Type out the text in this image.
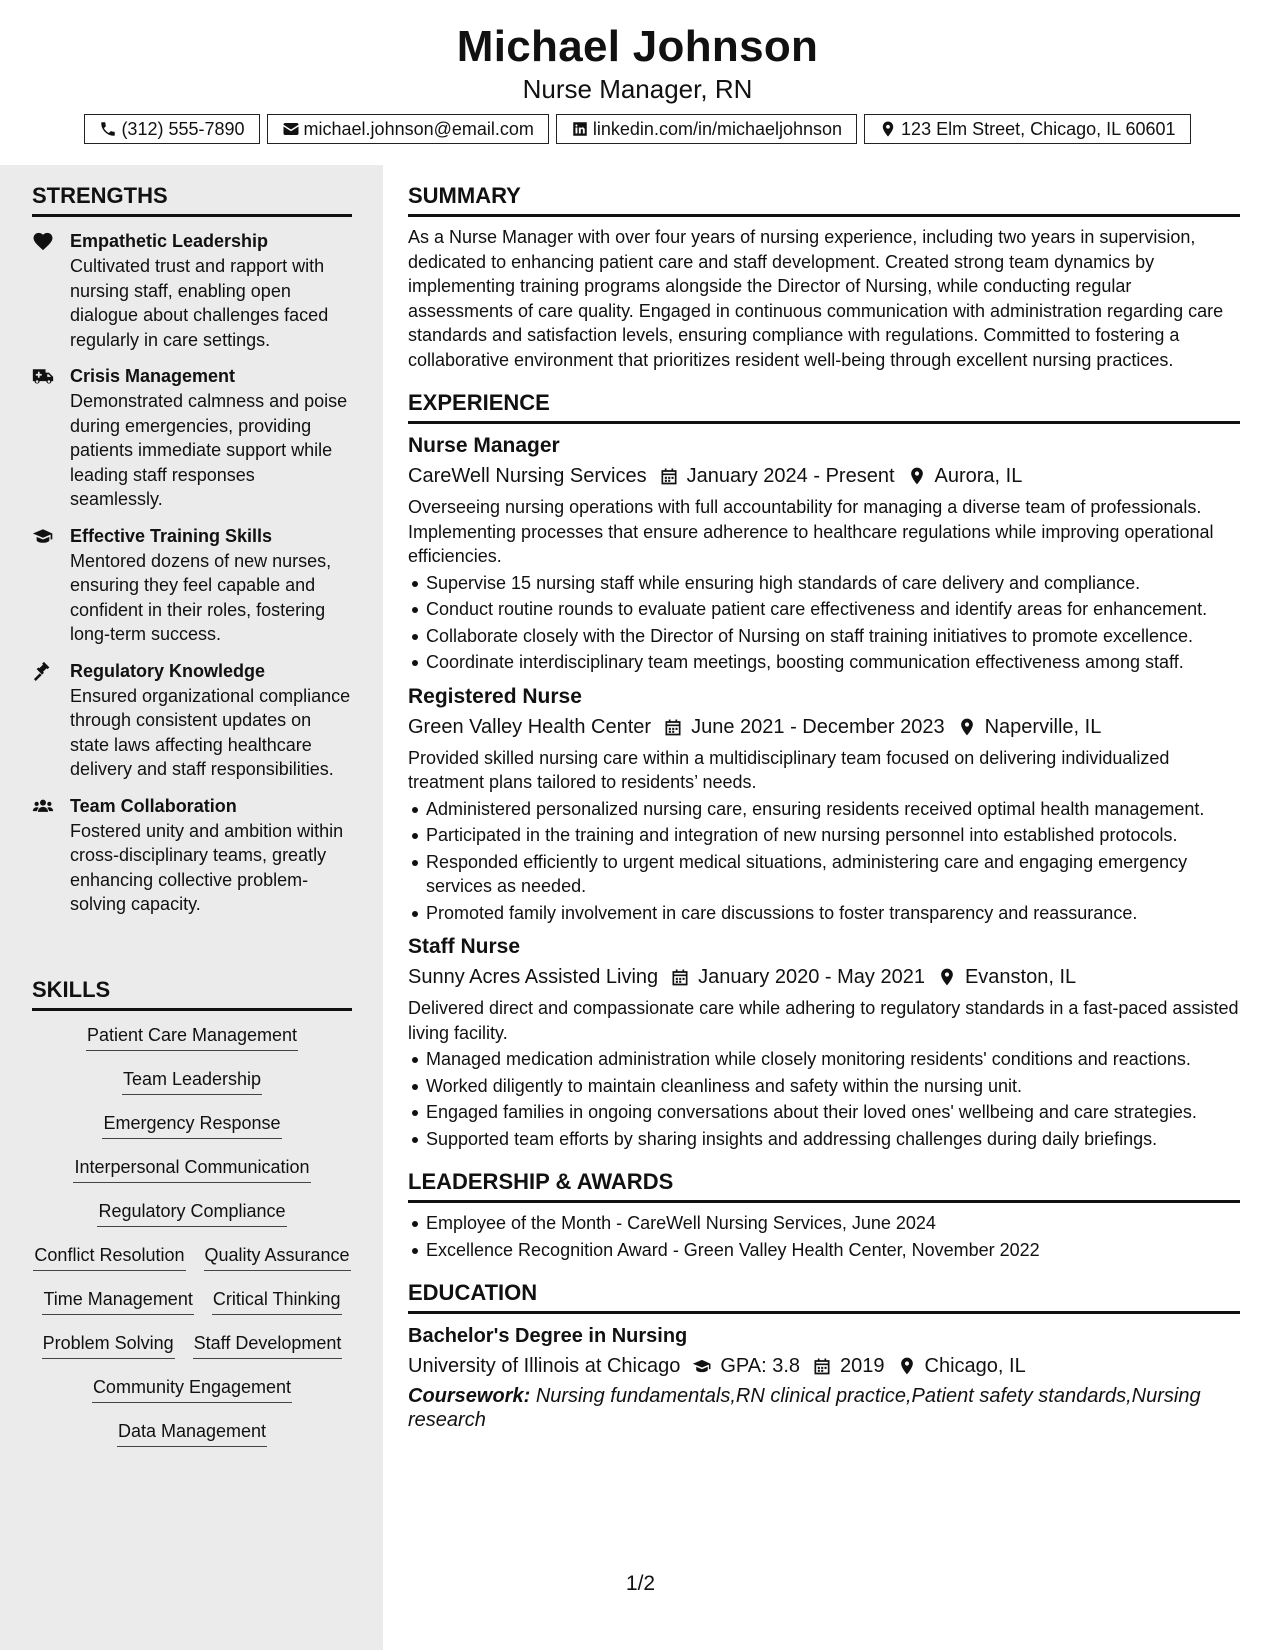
Michael Johnson
Nurse Manager, RN
(312) 555-7890	michael.johnson@email.com	linkedin.com/in/michaeljohnson	123 Elm Street, Chicago, IL 60601
STRENGTHS
Empathetic Leadership
Cultivated trust and rapport with nursing staff, enabling open dialogue about challenges faced regularly in care settings.
Crisis Management
Demonstrated calmness and poise during emergencies, providing patients immediate support while leading staff responses seamlessly.
Effective Training Skills
Mentored dozens of new nurses, ensuring they feel capable and confident in their roles, fostering long-term success.
Regulatory Knowledge
Ensured organizational compliance through consistent updates on state laws affecting healthcare delivery and staff responsibilities.
Team Collaboration
Fostered unity and ambition within cross-disciplinary teams, greatly enhancing collective problem-solving capacity.
SKILLS
Patient Care Management
Team Leadership
Emergency Response
Interpersonal Communication
Regulatory Compliance
Conflict Resolution Quality Assurance
Time Management Critical Thinking
Problem Solving Staff Development
Community Engagement
Data Management
SUMMARY
As a Nurse Manager with over four years of nursing experience, including two years in supervision, dedicated to enhancing patient care and staff development. Created strong team dynamics by implementing training programs alongside the Director of Nursing, while conducting regular assessments of care quality. Engaged in continuous communication with administration regarding care standards and satisfaction levels, ensuring compliance with regulations. Committed to fostering a collaborative environment that prioritizes resident well-being through excellent nursing practices.
EXPERIENCE
Nurse Manager
CareWell Nursing Services January 2024 - Present Aurora, IL
Overseeing nursing operations with full accountability for managing a diverse team of professionals. Implementing processes that ensure adherence to healthcare regulations while improving operational efficiencies.
Supervise 15 nursing staff while ensuring high standards of care delivery and compliance.
Conduct routine rounds to evaluate patient care effectiveness and identify areas for enhancement.
Collaborate closely with the Director of Nursing on staff training initiatives to promote excellence.
Coordinate interdisciplinary team meetings, boosting communication effectiveness among staff.
Registered Nurse
Green Valley Health Center June 2021 - December 2023 Naperville, IL
Provided skilled nursing care within a multidisciplinary team focused on delivering individualized treatment plans tailored to residents’ needs.
Administered personalized nursing care, ensuring residents received optimal health management.
Participated in the training and integration of new nursing personnel into established protocols.
Responded efficiently to urgent medical situations, administering care and engaging emergency services as needed.
Promoted family involvement in care discussions to foster transparency and reassurance.
Staff Nurse
Sunny Acres Assisted Living January 2020 - May 2021 Evanston, IL
Delivered direct and compassionate care while adhering to regulatory standards in a fast-paced assisted living facility.
Managed medication administration while closely monitoring residents' conditions and reactions.
Worked diligently to maintain cleanliness and safety within the nursing unit.
Engaged families in ongoing conversations about their loved ones' wellbeing and care strategies.
Supported team efforts by sharing insights and addressing challenges during daily briefings.
LEADERSHIP & AWARDS
Employee of the Month - CareWell Nursing Services, June 2024
Excellence Recognition Award - Green Valley Health Center, November 2022
EDUCATION
Bachelor's Degree in Nursing
University of Illinois at Chicago GPA: 3.8 2019 Chicago, IL
Coursework: Nursing fundamentals,RN clinical practice,Patient safety standards,Nursing research
1/2
